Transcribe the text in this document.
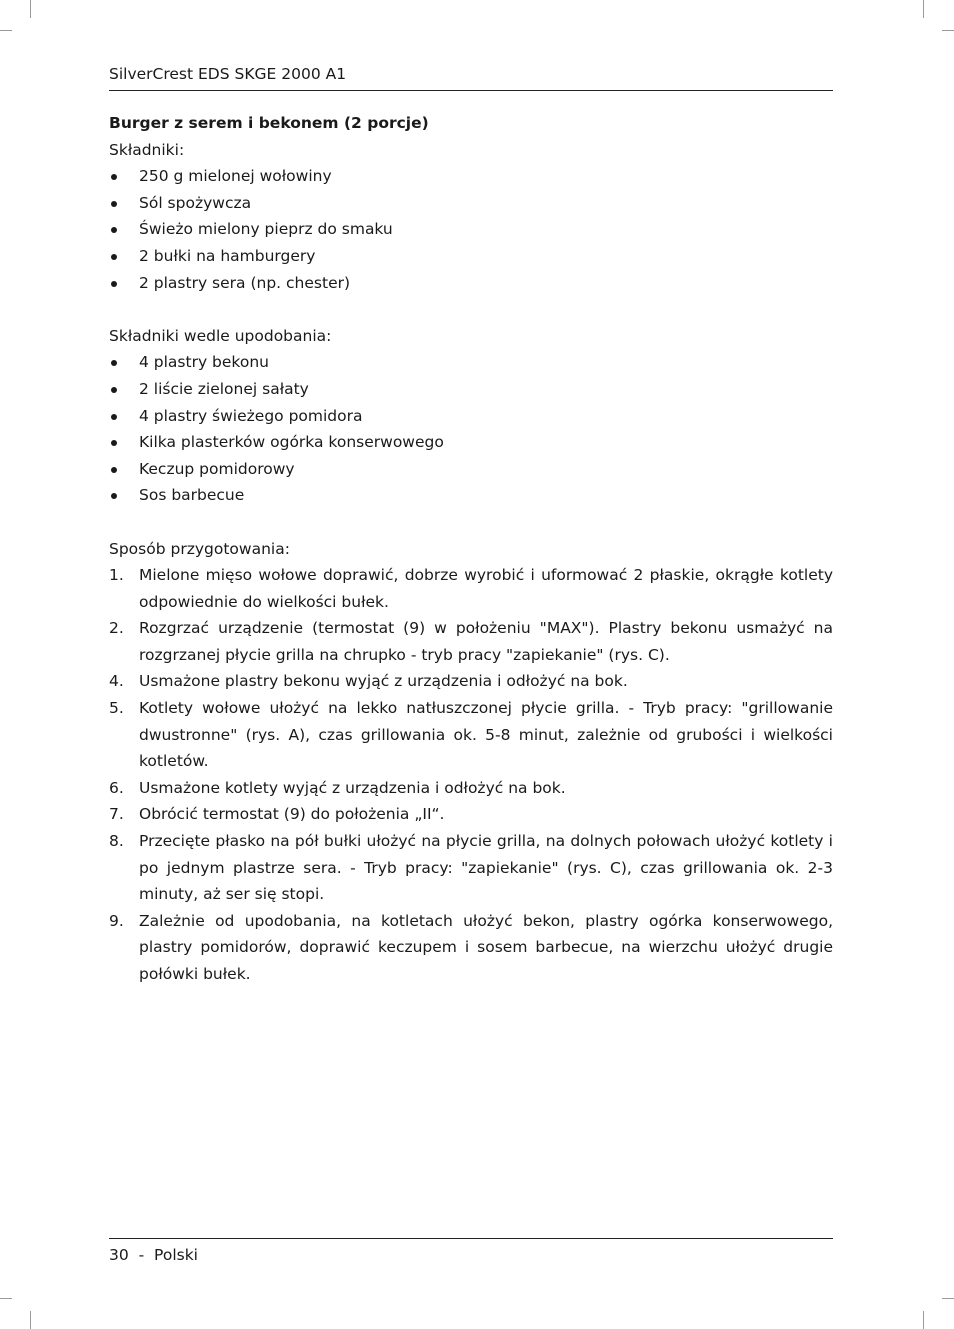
SilverCrest EDS SKGE 2000 A1
Burger z serem i bekonem (2 porcje)
Składniki:
250 g mielonej wołowiny
Sól spożywcza
Świeżo mielony pieprz do smaku
2 bułki na hamburgery
2 plastry sera (np. chester)
Składniki wedle upodobania:
4 plastry bekonu
2 liście zielonej sałaty
4 plastry świeżego pomidora
Kilka plasterków ogórka konserwowego
Keczup pomidorowy
Sos barbecue
Sposób przygotowania:
1. Mielone mięso wołowe doprawić, dobrze wyrobić i uformować 2 płaskie, okrągłe kotlety odpowiednie do wielkości bułek.
2. Rozgrzać urządzenie (termostat (9) w położeniu "MAX"). Plastry bekonu usmażyć na rozgrzanej płycie grilla na chrupko - tryb pracy "zapiekanie" (rys. C).
4. Usmażone plastry bekonu wyjąć z urządzenia i odłożyć na bok.
5. Kotlety wołowe ułożyć na lekko natłuszczonej płycie grilla. - Tryb pracy: "grillowanie dwustronne" (rys. A), czas grillowania ok. 5-8 minut, zależnie od grubości i wielkości kotletów.
6. Usmażone kotlety wyjąć z urządzenia i odłożyć na bok.
7. Obrócić termostat (9) do położenia „II“.
8. Przecięte płasko na pół bułki ułożyć na płycie grilla, na dolnych połowach ułożyć kotlety i po jednym plastrze sera. - Tryb pracy: "zapiekanie" (rys. C), czas grillowania ok. 2-3 minuty, aż ser się stopi.
9. Zależnie od upodobania, na kotletach ułożyć bekon, plastry ogórka konserwowego, plastry pomidorów, doprawić keczupem i sosem barbecue, na wierzchu ułożyć drugie połówki bułek.
30 - Polski
